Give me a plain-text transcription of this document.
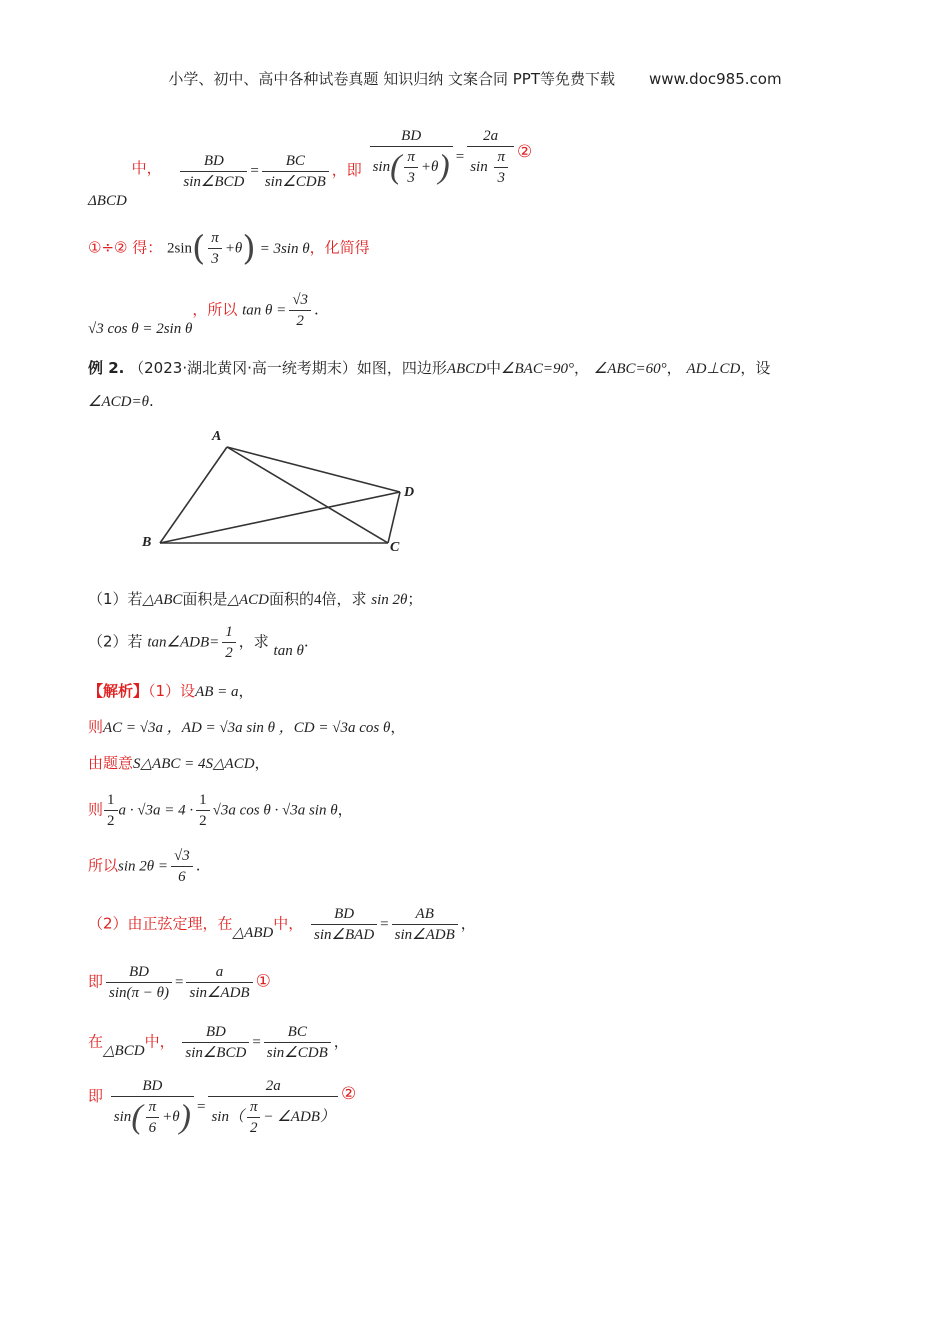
小学、初中、高中各种试卷真题 知识归纳 文案合同 PPT等免费下载 www.doc985.com
ΔBCD 中， $\frac{BD}{\text{sin∠BCD}} = \frac{BC}{\text{sin∠CDB}}$ ，即 $\frac{BD}{\sin( \frac{\pi}{3} +\theta)} = \frac{2a}{\sin \frac{\pi}{3}}$ ②
①÷② 得： $2\sin( \frac{\pi}{3} +\theta) = 3\sin$ θ，化简得
√3 cos θ = 2sin θ，所以 $\tan \theta = \frac{√3}{2}$ .
例 2. （2023·湖北黄冈·高一统考期末）如图，四边形ABCD中∠BAC=90°， ∠ABC=60°， AD⊥CD，设
∠ACD=θ.
A
B	C
D
（1）若△ABC面积是△ACD面积的4倍，求 sin 2θ；
（2）若 tan∠ADB= $\frac{1}{2}$ ，求 tan θ.
【解析】（1）设AB = a，
则AC = √3a ，AD = √3a sin θ ，CD = √3a cos θ，
由题意S△ABC = 4S△ACD，
则 $\frac{1}{2}$ $a \cdot √3a = 4 \cdot \frac{1}{2} √3a$ cos θ · √3a sin θ，
所以$\sin 2\theta = \frac{√3}{6}$ .
（2）由正弦定理，在△ABD中， $\frac{BD}{\text{sin∠BAD}} = \frac{AB}{\text{sin∠ADB}}$ ，
即 $\frac{BD}{\sin(\pi - \theta)} = \frac{a}{\text{sin∠ADB}}$ ①
在△BCD中， $\frac{BD}{\text{sin∠BCD}} = \frac{BC}{\text{sin∠CDB}}$ ，
即 $\frac{BD}{\sin( \frac{\pi}{6} +\theta)} = \frac{2a}{\sin( \frac{\pi}{2} - \angle ADB)}$ ②
